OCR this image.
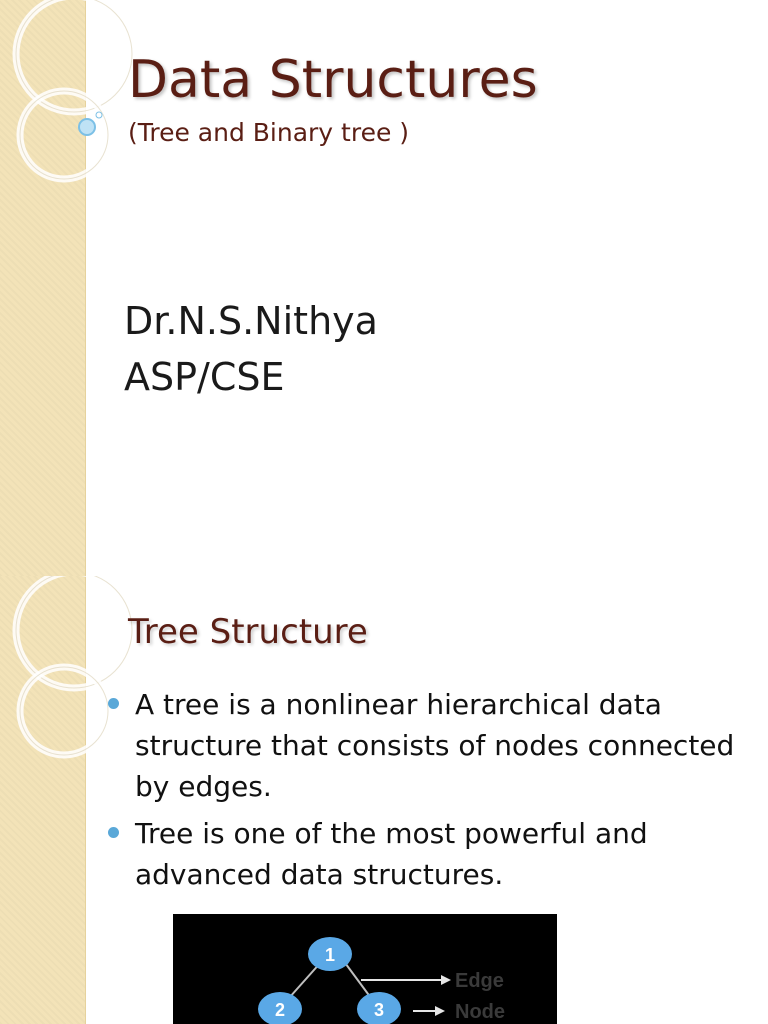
Data Structures

(Tree and Binary tree )

Dr.N.S.Nithya
ASP/CSE
Tree Structure
A tree is a nonlinear hierarchical data structure that consists of nodes connected by edges.
Tree is one of the most powerful and advanced data structures.
1
2	3
Edge
Node
